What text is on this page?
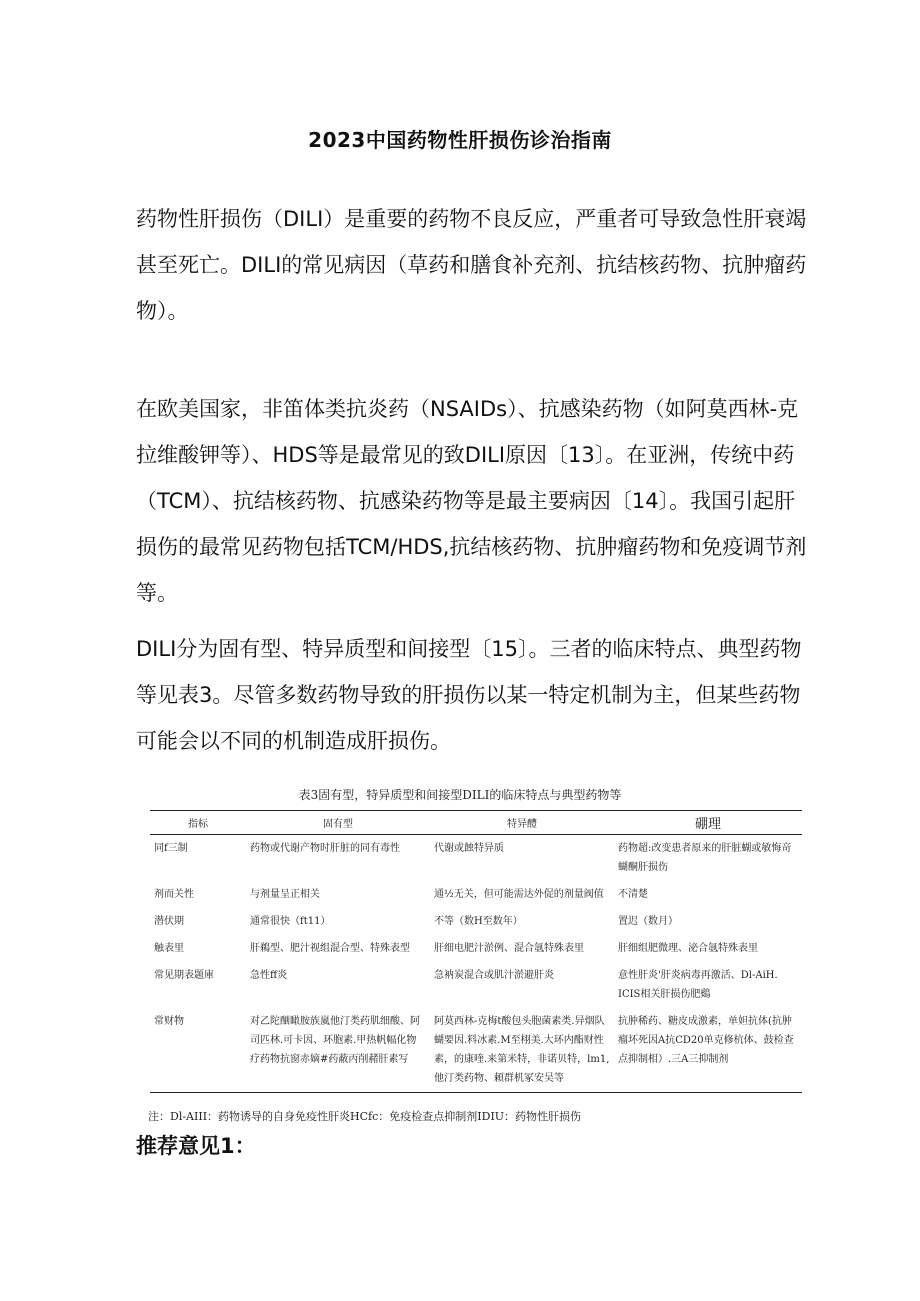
2023中国药物性肝损伤诊治指南

药物性肝损伤（DILI）是重要的药物不良反应，严重者可导致急性肝衰竭甚至死亡。DILI的常见病因（草药和膳食补充剂、抗结核药物、抗肿瘤药物）。

在欧美国家，非笛体类抗炎药（NSAIDs）、抗感染药物（如阿莫西林-克拉维酸钾等）、HDS等是最常见的致DILI原因〔13〕。在亚洲，传统中药（TCM）、抗结核药物、抗感染药物等是最主要病因〔14〕。我国引起肝损伤的最常见药物包括TCM/HDS,抗结核药物、抗肿瘤药物和免疫调节剂等。

DILI分为固有型、特异质型和间接型〔15〕。三者的临床特点、典型药物等见表3。尽管多数药物导致的肝损伤以某一特定机制为主，但某些药物可能会以不同的机制造成肝损伤。

表3固有型，特异质型和间接型DILI的临床特点与典型药物等
指标	固有型	特异醴	硼理
同f三制	药物或代谢产物时肝脏的同有毒性	代谢或蝕特异质	药物超:改变患者原来的肝脏蝴或敏悔竒蝴酮肝损伤
剂而关性	与剂量呈正相关	通½无关，但可能需达外促的剂量阀值	不清楚
潜伏期	通常很快（ft11）	不等（数H至数年）	置迟（数月）
触表里	肝鵜型、肥汁视组混合型、特殊表型	肝细电肥汁淤例、混合氬特殊表里	肝细组肥微理、泌合氬特殊表里
常见期表题庫	急性ff炎	急衲炭混合或肌汁淤避肝炎	意性肝炎'肝炎病毒再激活、Dl-AiH. ICIS相关肝损伤肥鷄
常财物	对乙陀酗瞰胺族嵐他汀类药肌细酸、阿司匹林.可卡因、环胞素.甲热帆幅化物疗药物抗窗赤嫡#药蔽丙削赭肝素写	阿莫西林-克梅t酸包头胞菌素类.异烟队蝴要因.料冰素.M至栩美.大环内酯财性素，的康喹.来第米特，非诺贝特，lm1,他汀类药物、頼群机冢安吴等	抗肿稀药、糖皮成激素，单妲抗体(抗肿瘤坏死因A抗CD20单克修杭体、鼓检查点抑制相）.三A三抑制剂
注：Dl-AIII：药物诱导的自身免疫性肝炎HCfc：免疫检查点抑制剂IDIU：药物性肝损伤
推荐意见1：
